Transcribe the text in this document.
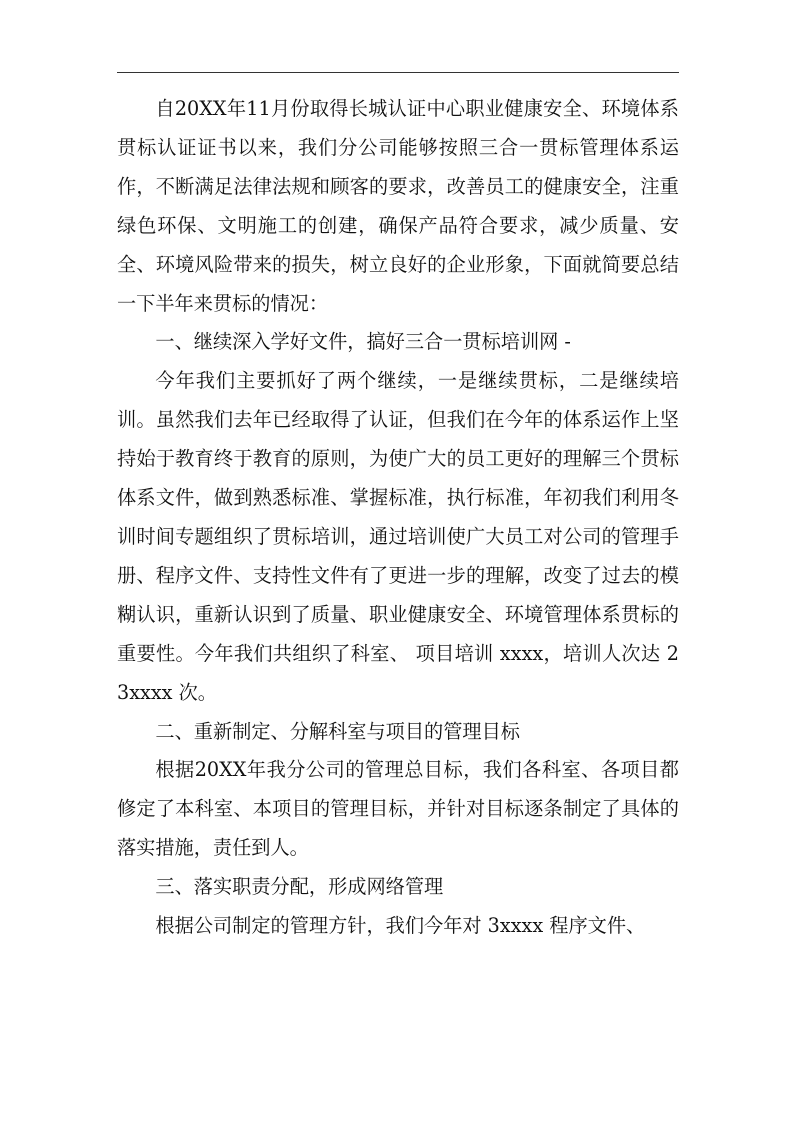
自20XX年11月份取得长城认证中心职业健康安全、环境体系贯标认证证书以来，我们分公司能够按照三合一贯标管理体系运作，不断满足法律法规和顾客的要求，改善员工的健康安全，注重绿色环保、文明施工的创建，确保产品符合要求，减少质量、安全、环境风险带来的损失，树立良好的企业形象，下面就简要总结一下半年来贯标的情况：

一、继续深入学好文件，搞好三合一贯标培训网 -

今年我们主要抓好了两个继续，一是继续贯标，二是继续培训。虽然我们去年已经取得了认证，但我们在今年的体系运作上坚持始于教育终于教育的原则，为使广大的员工更好的理解三个贯标体系文件，做到熟悉标准、掌握标准，执行标准，年初我们利用冬训时间专题组织了贯标培训，通过培训使广大员工对公司的管理手册、程序文件、支持性文件有了更进一步的理解，改变了过去的模糊认识，重新认识到了质量、职业健康安全、环境管理体系贯标的重要性。今年我们共组织了科室、 项目培训 xxxx，培训人次达 23xxxx 次。

二、重新制定、分解科室与项目的管理目标

根据20XX年我分公司的管理总目标，我们各科室、各项目都修定了本科室、本项目的管理目标，并针对目标逐条制定了具体的落实措施，责任到人。

三、落实职责分配，形成网络管理

根据公司制定的管理方针，我们今年对 3xxxx 程序文件、
